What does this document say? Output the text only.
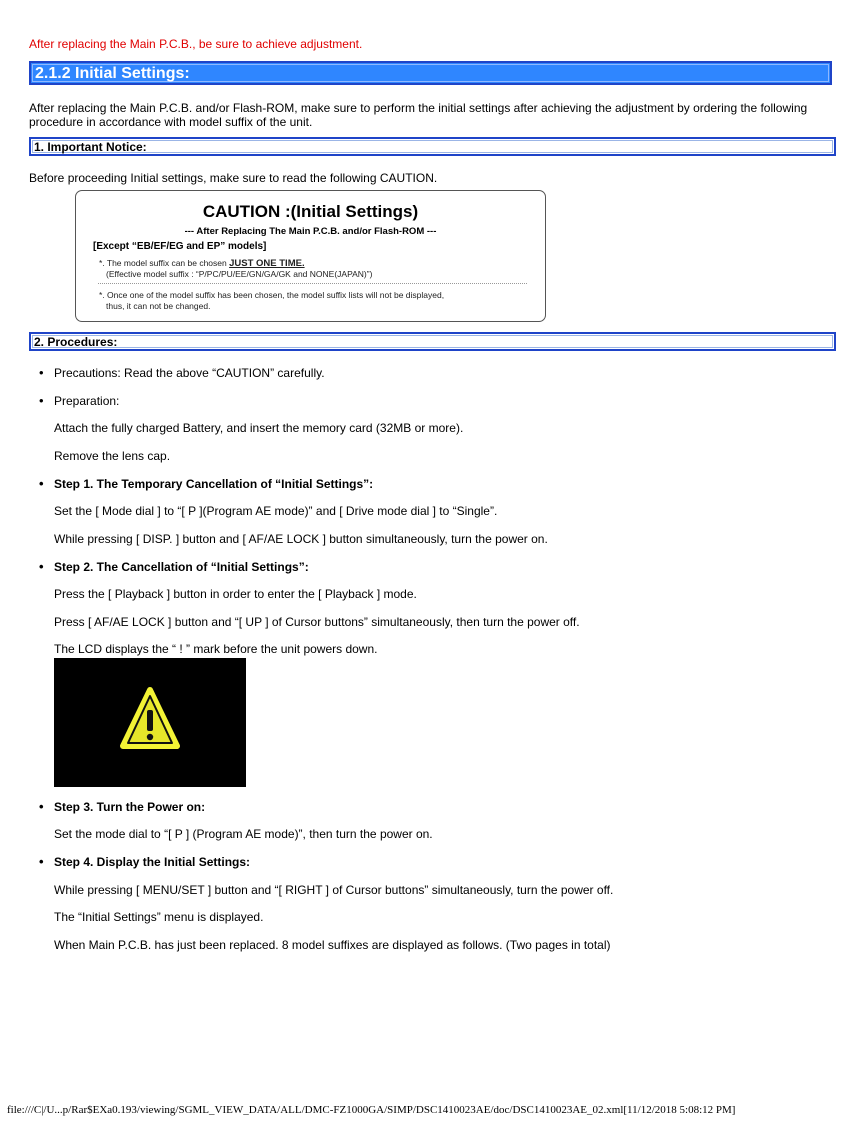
After replacing the Main P.C.B., be sure to achieve adjustment.
2.1.2 Initial Settings:
After replacing the Main P.C.B. and/or Flash-ROM, make sure to perform the initial settings after achieving the adjustment by ordering the following procedure in accordance with model suffix of the unit.
1. Important Notice:
Before proceeding Initial settings, make sure to read the following CAUTION.
CAUTION :(Initial Settings)
--- After Replacing The Main P.C.B. and/or Flash-ROM ---
[Except “EB/EF/EG and EP” models]
*. The model suffix can be chosen JUST ONE TIME.
(Effective model suffix : “P/PC/PU/EE/GN/GA/GK and NONE(JAPAN)”)
*. Once one of the model suffix has been chosen, the model suffix lists will not be displayed,
thus, it can not be changed.
2. Procedures:
Precautions: Read the above “CAUTION” carefully.
Preparation:
Attach the fully charged Battery, and insert the memory card (32MB or more).
Remove the lens cap.
Step 1. The Temporary Cancellation of “Initial Settings”:
Set the [ Mode dial ] to “[ P ](Program AE mode)” and [ Drive mode dial ] to “Single”.
While pressing [ DISP. ] button and [ AF/AE LOCK ] button simultaneously, turn the power on.
Step 2. The Cancellation of “Initial Settings”:
Press the [ Playback ] button in order to enter the [ Playback ] mode.
Press [ AF/AE LOCK ] button and “[ UP ] of Cursor buttons” simultaneously, then turn the power off.
The LCD displays the “ ! ” mark before the unit powers down.
Step 3. Turn the Power on:
Set the mode dial to “[ P ] (Program AE mode)”, then turn the power on.
Step 4. Display the Initial Settings:
While pressing [ MENU/SET ] button and “[ RIGHT ] of Cursor buttons” simultaneously, turn the power off.
The “Initial Settings” menu is displayed.
When Main P.C.B. has just been replaced. 8 model suffixes are displayed as follows. (Two pages in total)
file:///C|/U...p/Rar$EXa0.193/viewing/SGML_VIEW_DATA/ALL/DMC-FZ1000GA/SIMP/DSC1410023AE/doc/DSC1410023AE_02.xml[11/12/2018 5:08:12 PM]
